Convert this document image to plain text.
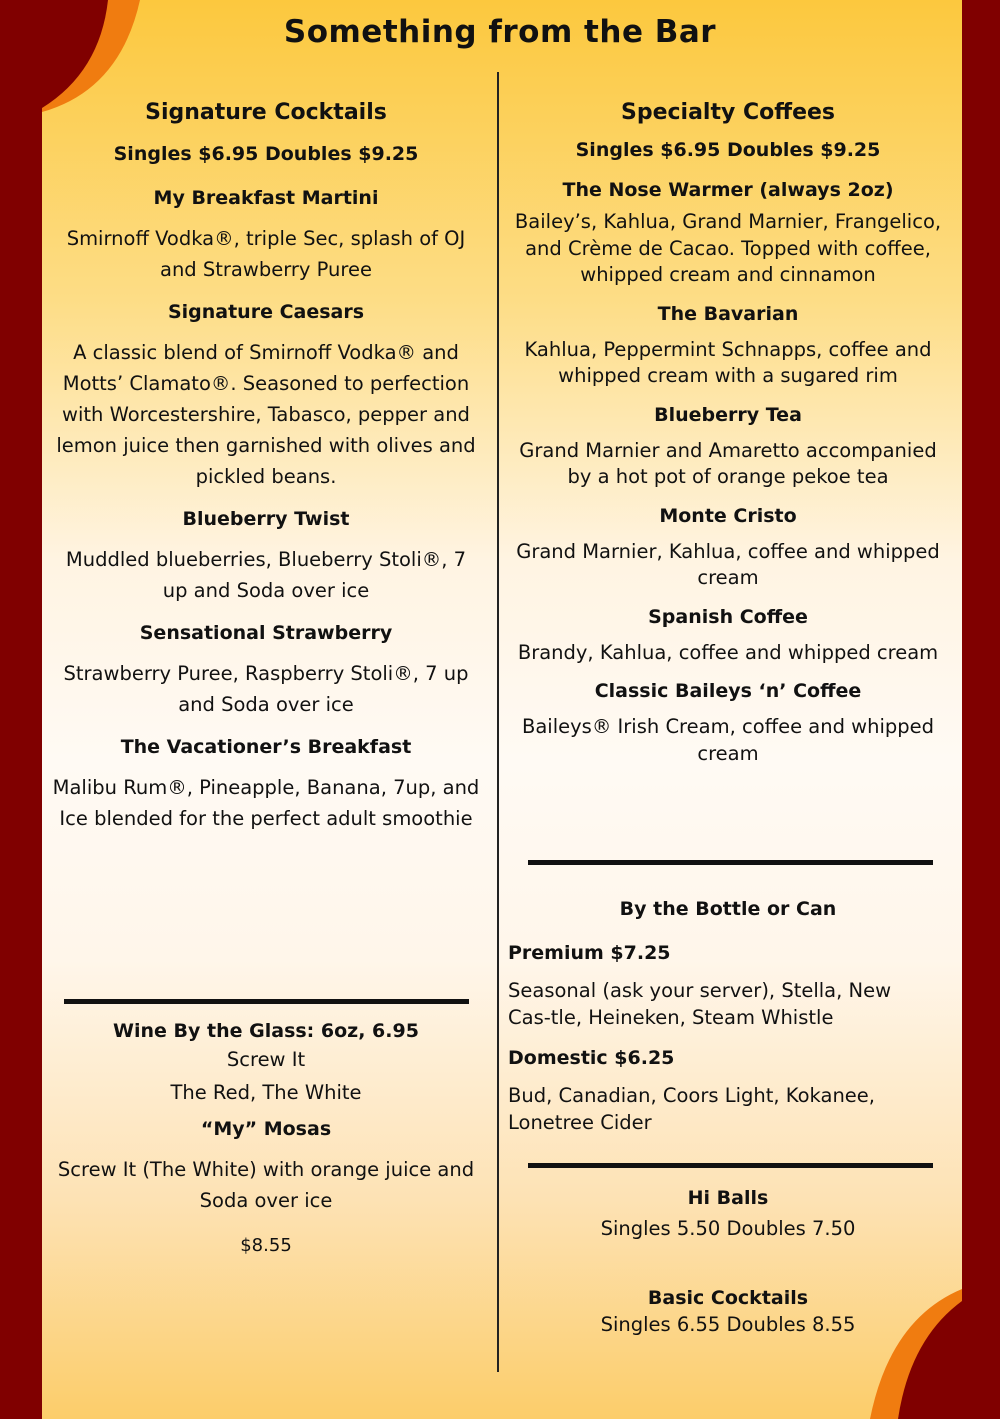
Something from the Bar
Signature Cocktails
Singles $6.95 Doubles $9.25
My Breakfast Martini
Smirnoff Vodka®, triple Sec, splash of OJ and Strawberry Puree
Signature Caesars
A classic blend of Smirnoff Vodka® and Motts’ Clamato®. Seasoned to perfection with Worcestershire, Tabasco, pepper and lemon juice then garnished with olives and pickled beans.
Blueberry Twist
Muddled blueberries, Blueberry Stoli®, 7 up and Soda over ice
Sensational Strawberry
Strawberry Puree, Raspberry Stoli®, 7 up and Soda over ice
The Vacationer’s Breakfast
Malibu Rum®, Pineapple, Banana, 7up, and Ice blended for the perfect adult smoothie
Wine By the Glass: 6oz, 6.95
Screw It
The Red, The White
“My” Mosas
Screw It (The White) with orange juice and Soda over ice
$8.55
Specialty Coffees
Singles $6.95 Doubles $9.25
The Nose Warmer (always 2oz)
Bailey’s, Kahlua, Grand Marnier, Frangelico, and Crème de Cacao. Topped with coffee, whipped cream and cinnamon
The Bavarian
Kahlua, Peppermint Schnapps, coffee and whipped cream with a sugared rim
Blueberry Tea
Grand Marnier and Amaretto accompanied by a hot pot of orange pekoe tea
Monte Cristo
Grand Marnier, Kahlua, coffee and whipped cream
Spanish Coffee
Brandy, Kahlua, coffee and whipped cream
Classic Baileys ‘n’ Coffee
Baileys® Irish Cream, coffee and whipped cream
By the Bottle or Can
Premium $7.25
Seasonal (ask your server), Stella, New Cas-tle, Heineken, Steam Whistle
Domestic $6.25
Bud, Canadian, Coors Light, Kokanee, Lonetree Cider
Hi Balls
Singles 5.50 Doubles 7.50
Basic Cocktails
Singles 6.55 Doubles 8.55
